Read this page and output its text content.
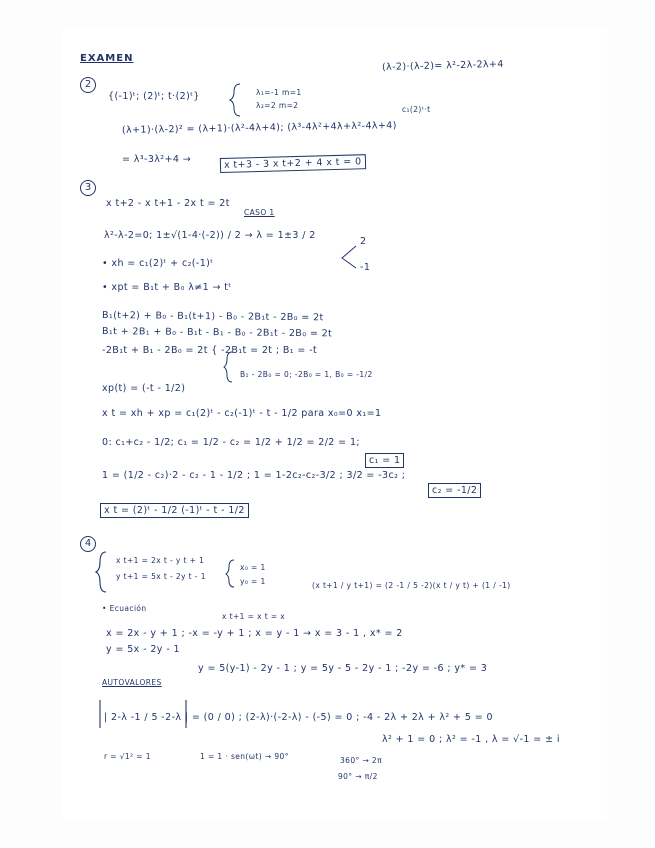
EXAMEN
(λ-2)·(λ-2)= λ²-2λ-2λ+4
2
{(-1)ᵗ; (2)ᵗ; t·(2)ᵗ}	λ₁=-1 m=1
λ₂=2 m=2	c₁(2)ᵗ·t
(λ+1)·(λ-2)² = (λ+1)·(λ²-4λ+4); (λ³-4λ²+4λ+λ²-4λ+4)
= λ³-3λ²+4 →	x t+3 - 3 x t+2 + 4 x t = 0
3
x t+2 - x t+1 - 2x t = 2t
CASO 1
λ²-λ-2=0; 1±√(1-4·(-2)) / 2 → λ = 1±3 / 2
2
-1
• xh = c₁(2)ᵗ + c₂(-1)ᵗ
• xpt = B₁t + B₀ λ≠1 → tᵗ
B₁(t+2) + B₀ - B₁(t+1) - B₀ - 2B₁t - 2B₀ = 2t
B₁t + 2B₁ + B₀ - B₁t - B₁ - B₀ - 2B₁t - 2B₀ = 2t
-2B₁t + B₁ - 2B₀ = 2t { -2B₁t = 2t ; B₁ = -t
B₁ - 2B₀ = 0; -2B₀ = 1, B₀ = -1/2
xp(t) = (-t - 1/2)
x t = xh + xp = c₁(2)ᵗ - c₂(-1)ᵗ - t - 1/2 para x₀=0 x₁=1
0: c₁+c₂ - 1/2; c₁ = 1/2 - c₂ = 1/2 + 1/2 = 2/2 = 1;
c₁ = 1
1 = (1/2 - c₂)·2 - c₂ - 1 - 1/2 ; 1 = 1-2c₂-c₂-3/2 ; 3/2 = -3c₂ ;
c₂ = -1/2
x t = (2)ᵗ - 1/2 (-1)ᵗ - t - 1/2
4
x t+1 = 2x t - y t + 1
y t+1 = 5x t - 2y t - 1
x₀ = 1
y₀ = 1	(x t+1 / y t+1) = (2 -1 / 5 -2)(x t / y t) + (1 / -1)
• Ecuación
x t+1 = x t = x
x = 2x - y + 1 ; -x = -y + 1 ; x = y - 1 → x = 3 - 1 , x* = 2
y = 5x - 2y - 1
y = 5(y-1) - 2y - 1 ; y = 5y - 5 - 2y - 1 ; -2y = -6 ; y* = 3
AUTOVALORES
| 2-λ -1 / 5 -2-λ | = (0 / 0) ; (2-λ)·(-2-λ) - (-5) = 0 ; -4 - 2λ + 2λ + λ² + 5 = 0
λ² + 1 = 0 ; λ² = -1 , λ = √-1 = ± i
r = √1² = 1	1 = 1 · sen(ωt) → 90°	360° → 2π
90° → π/2
